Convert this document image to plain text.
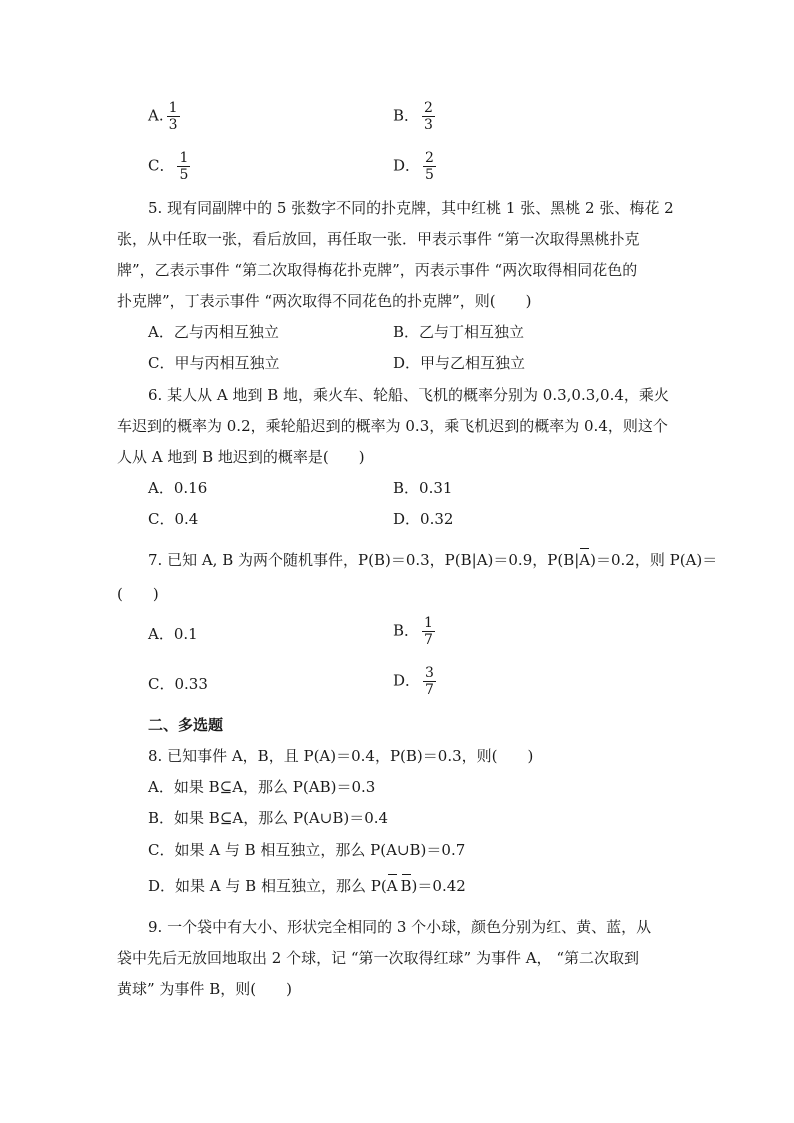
A. $\frac{1}{3}$	B． $\frac{2}{3}$
C． $\frac{1}{5}$	D． $\frac{2}{5}$
5. 现有同副牌中的 5 张数字不同的扑克牌，其中红桃 1 张、黑桃 2 张、梅花 2
张，从中任取一张，看后放回，再任取一张．甲表示事件 “第一次取得黑桃扑克
牌”，乙表示事件 “第二次取得梅花扑克牌”，丙表示事件 “两次取得相同花色的
扑克牌”，丁表示事件 “两次取得不同花色的扑克牌”，则(　　)
A．乙与丙相互独立	B．乙与丁相互独立
C．甲与丙相互独立	D．甲与乙相互独立
6. 某人从 A 地到 B 地，乘火车、轮船、飞机的概率分别为 0.3,0.3,0.4，乘火
车迟到的概率为 0.2，乘轮船迟到的概率为 0.3，乘飞机迟到的概率为 0.4，则这个
人从 A 地到 B 地迟到的概率是(　　)
A．0.16	B．0.31
C．0.4	D．0.32
7. 已知 A, B 为两个随机事件，P(B)＝0.3，P(B|A)＝0.9，P(B|A)＝0.2，则 P(A)＝
(　　)
A．0.1	B． $\frac{1}{7}$
C．0.33	D． $\frac{3}{7}$
二、多选题
8. 已知事件 A，B，且 P(A)＝0.4，P(B)＝0.3，则(　　)
A．如果 B⊆A，那么 P(AB)＝0.3
B．如果 B⊆A，那么 P(A∪B)＝0.4
C．如果 A 与 B 相互独立，那么 P(A∪B)＝0.7
D．如果 A 与 B 相互独立，那么 P(A B)＝0.42
9. 一个袋中有大小、形状完全相同的 3 个小球，颜色分别为红、黄、蓝，从
袋中先后无放回地取出 2 个球，记 “第一次取得红球” 为事件 A， “第二次取到
黄球” 为事件 B，则(　　)
